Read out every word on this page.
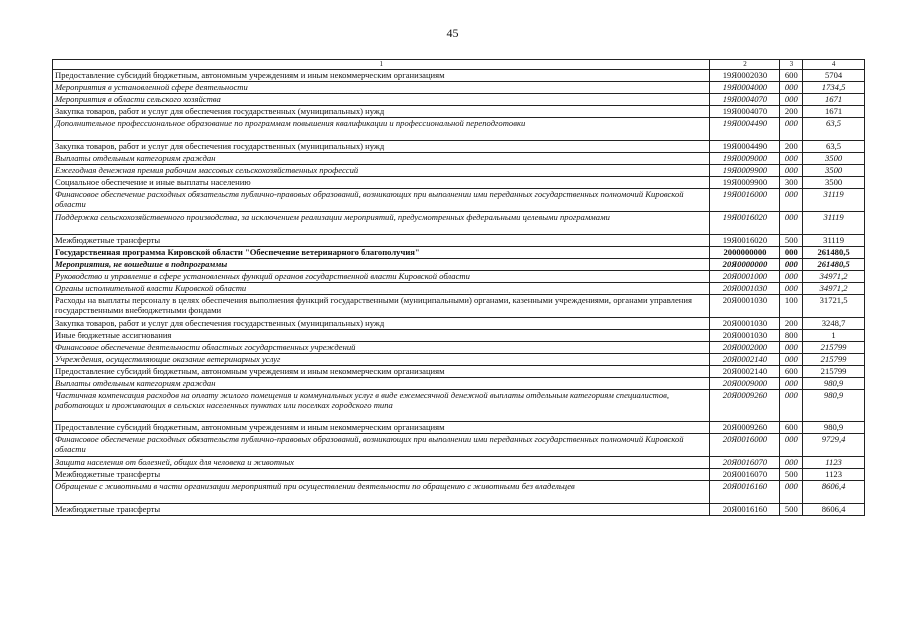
45
1	2	3	4
Предоставление субсидий бюджетным, автономным учреждениям и иным некоммерческим организациям	19Я0002030	600	5704
Мероприятия в установленной сфере деятельности	19Я0004000	000	1734,5
Мероприятия в области сельского хозяйства	19Я0004070	000	1671
Закупка товаров, работ и услуг для обеспечения государственных (муниципальных) нужд	19Я0004070	200	1671
Дополнительное профессиональное образование по программам повышения квалификации и профессиональной переподготовки	19Я0004490	000	63,5
Закупка товаров, работ и услуг для обеспечения государственных (муниципальных) нужд	19Я0004490	200	63,5
Выплаты отдельным категориям граждан	19Я0009000	000	3500
Ежегодная денежная премия рабочим массовых сельскохозяйственных профессий	19Я0009900	000	3500
Социальное обеспечение и иные выплаты населению	19Я0009900	300	3500
Финансовое обеспечение расходных обязательств публично-правовых образований, возникающих при выполнении ими переданных государственных полномочий Кировской области	19Я0016000	000	31119
Поддержка сельскохозяйственного производства, за исключением реализации мероприятий, предусмотренных федеральными целевыми программами	19Я0016020	000	31119
Межбюджетные трансферты	19Я0016020	500	31119
Государственная программа Кировской области "Обеспечение ветеринарного благополучия"	2000000000	000	261480,5
Мероприятия, не вошедшие в подпрограммы	20Я0000000	000	261480,5
Руководство и управление в сфере установленных функций органов государственной власти Кировской области	20Я0001000	000	34971,2
Органы исполнительной власти Кировской области	20Я0001030	000	34971,2
Расходы на выплаты персоналу в целях обеспечения выполнения функций государственными (муниципальными) органами, казенными учреждениями, органами управления государственными внебюджетными фондами	20Я0001030	100	31721,5
Закупка товаров, работ и услуг для обеспечения государственных (муниципальных) нужд	20Я0001030	200	3248,7
Иные бюджетные ассигнования	20Я0001030	800	1
Финансовое обеспечение деятельности областных государственных учреждений	20Я0002000	000	215799
Учреждения, осуществляющие оказание ветеринарных услуг	20Я0002140	000	215799
Предоставление субсидий бюджетным, автономным учреждениям и иным некоммерческим организациям	20Я0002140	600	215799
Выплаты отдельным категориям граждан	20Я0009000	000	980,9
Частичная компенсация расходов на оплату жилого помещения и коммунальных услуг в виде ежемесячной денежной выплаты отдельным категориям специалистов, работающих и проживающих в сельских населенных пунктах или поселках городского типа	20Я0009260	000	980,9
Предоставление субсидий бюджетным, автономным учреждениям и иным некоммерческим организациям	20Я0009260	600	980,9
Финансовое обеспечение расходных обязательств публично-правовых образований, возникающих при выполнении ими переданных государственных полномочий Кировской области	20Я0016000	000	9729,4
Защита населения от болезней, общих для человека и животных	20Я0016070	000	1123
Межбюджетные трансферты	20Я0016070	500	1123
Обращение с животными в части организации мероприятий при осуществлении деятельности по обращению с животными без владельцев	20Я0016160	000	8606,4
Межбюджетные трансферты	20Я0016160	500	8606,4
